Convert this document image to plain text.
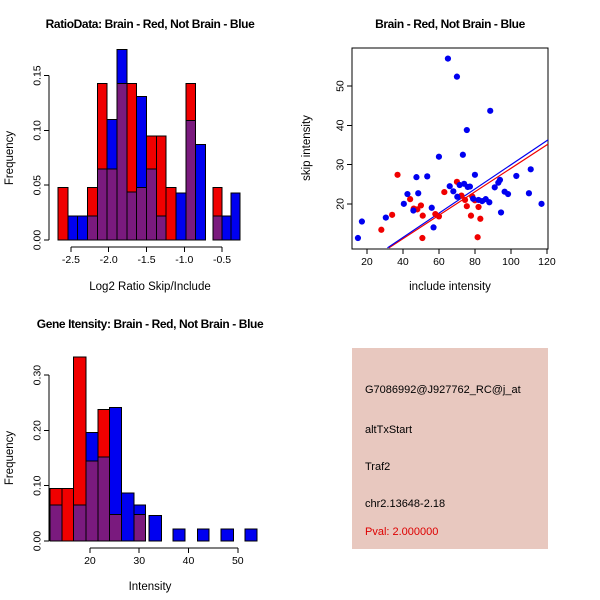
RatioData: Brain - Red, Not Brain - Blue
Frequency
Log2 Ratio Skip/Include
0.00
0.05
0.10
0.15
-2.5 -2.0 -1.5 -1.0 -0.5
Brain - Red, Not Brain - Blue
skip intensity
include intensity
20
30
40
50
20 40 60 80 100 120
Gene Itensity: Brain - Red, Not Brain - Blue
Frequency
Intensity
0.00
0.10
0.20
0.30
20	30	40	50
G7086992@J927762_RC@j_at
altTxStart
Traf2
chr2.13648-2.18
Pval: 2.000000
